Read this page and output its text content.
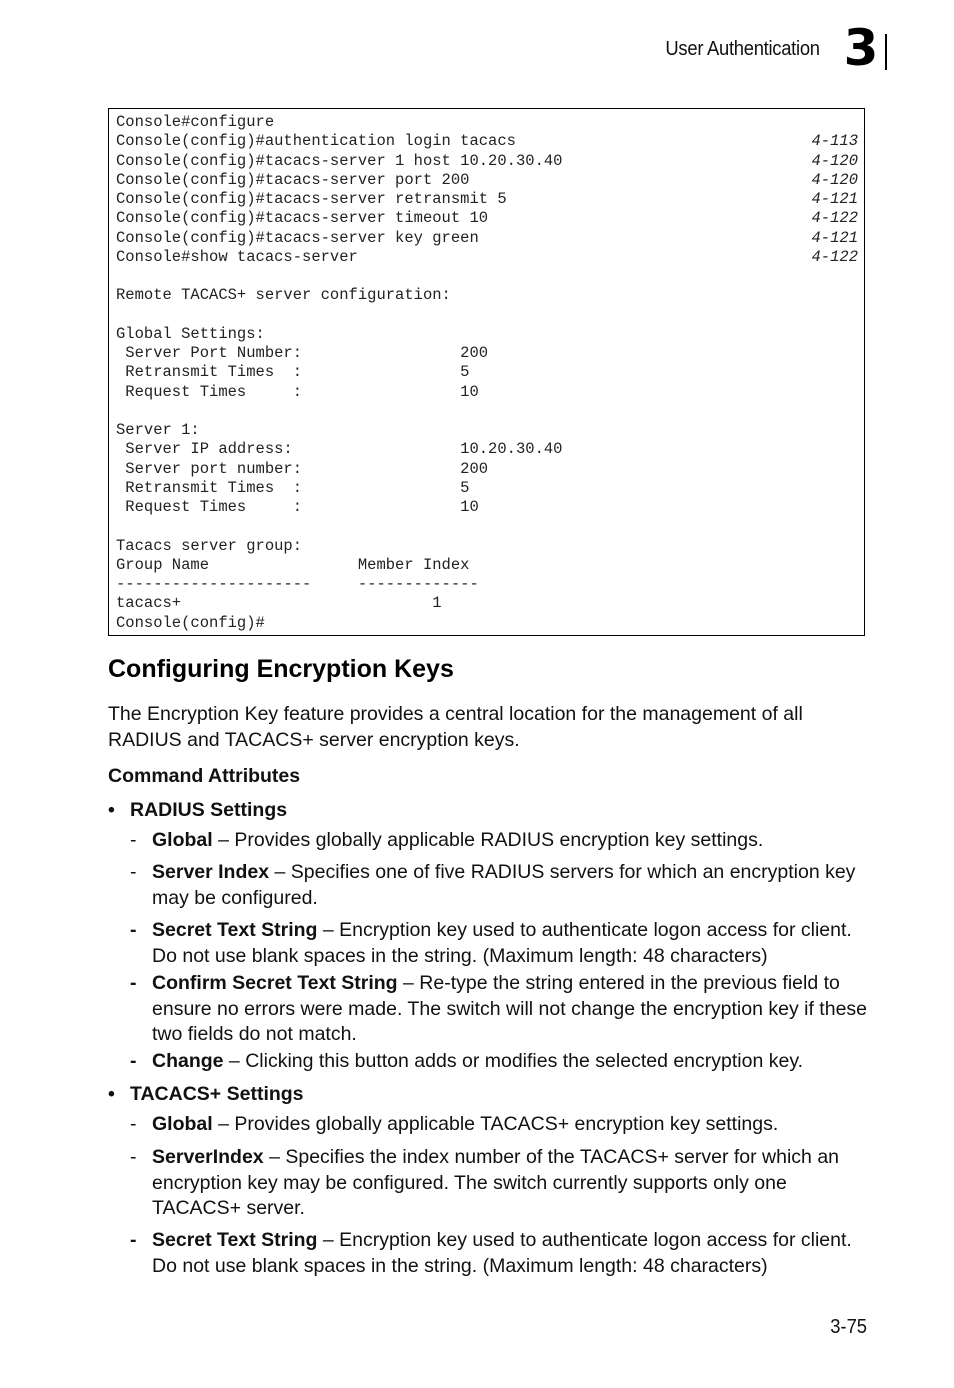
User Authentication 3
Console#configure
Console(config)#authentication login tacacs	4-113
Console(config)#tacacs-server 1 host 10.20.30.40	4-120
Console(config)#tacacs-server port 200	4-120
Console(config)#tacacs-server retransmit 5	4-121
Console(config)#tacacs-server timeout 10	4-122
Console(config)#tacacs-server key green	4-121
Console#show tacacs-server	4-122
Remote TACACS+ server configuration:
Global Settings:
Server Port Number:                 200
Retransmit Times  :                 5
Request Times     :                 10
Server 1:
Server IP address:                  10.20.30.40
Server port number:                 200
Retransmit Times  :                 5
Request Times     :                 10
Tacacs server group:
Group Name                Member Index
---------------------     -------------
tacacs+                           1
Console(config)#
Configuring Encryption Keys

The Encryption Key feature provides a central location for the management of all RADIUS and TACACS+ server encryption keys.

Command Attributes

• RADIUS Settings
- Global – Provides globally applicable RADIUS encryption key settings.
- Server Index – Specifies one of five RADIUS servers for which an encryption key may be configured.
- Secret Text String – Encryption key used to authenticate logon access for client. Do not use blank spaces in the string. (Maximum length: 48 characters)
- Confirm Secret Text String – Re-type the string entered in the previous field to ensure no errors were made. The switch will not change the encryption key if these two fields do not match.
- Change – Clicking this button adds or modifies the selected encryption key.
• TACACS+ Settings
- Global – Provides globally applicable TACACS+ encryption key settings.
- ServerIndex – Specifies the index number of the TACACS+ server for which an encryption key may be configured. The switch currently supports only one TACACS+ server.
- Secret Text String – Encryption key used to authenticate logon access for client. Do not use blank spaces in the string. (Maximum length: 48 characters)
3-75
